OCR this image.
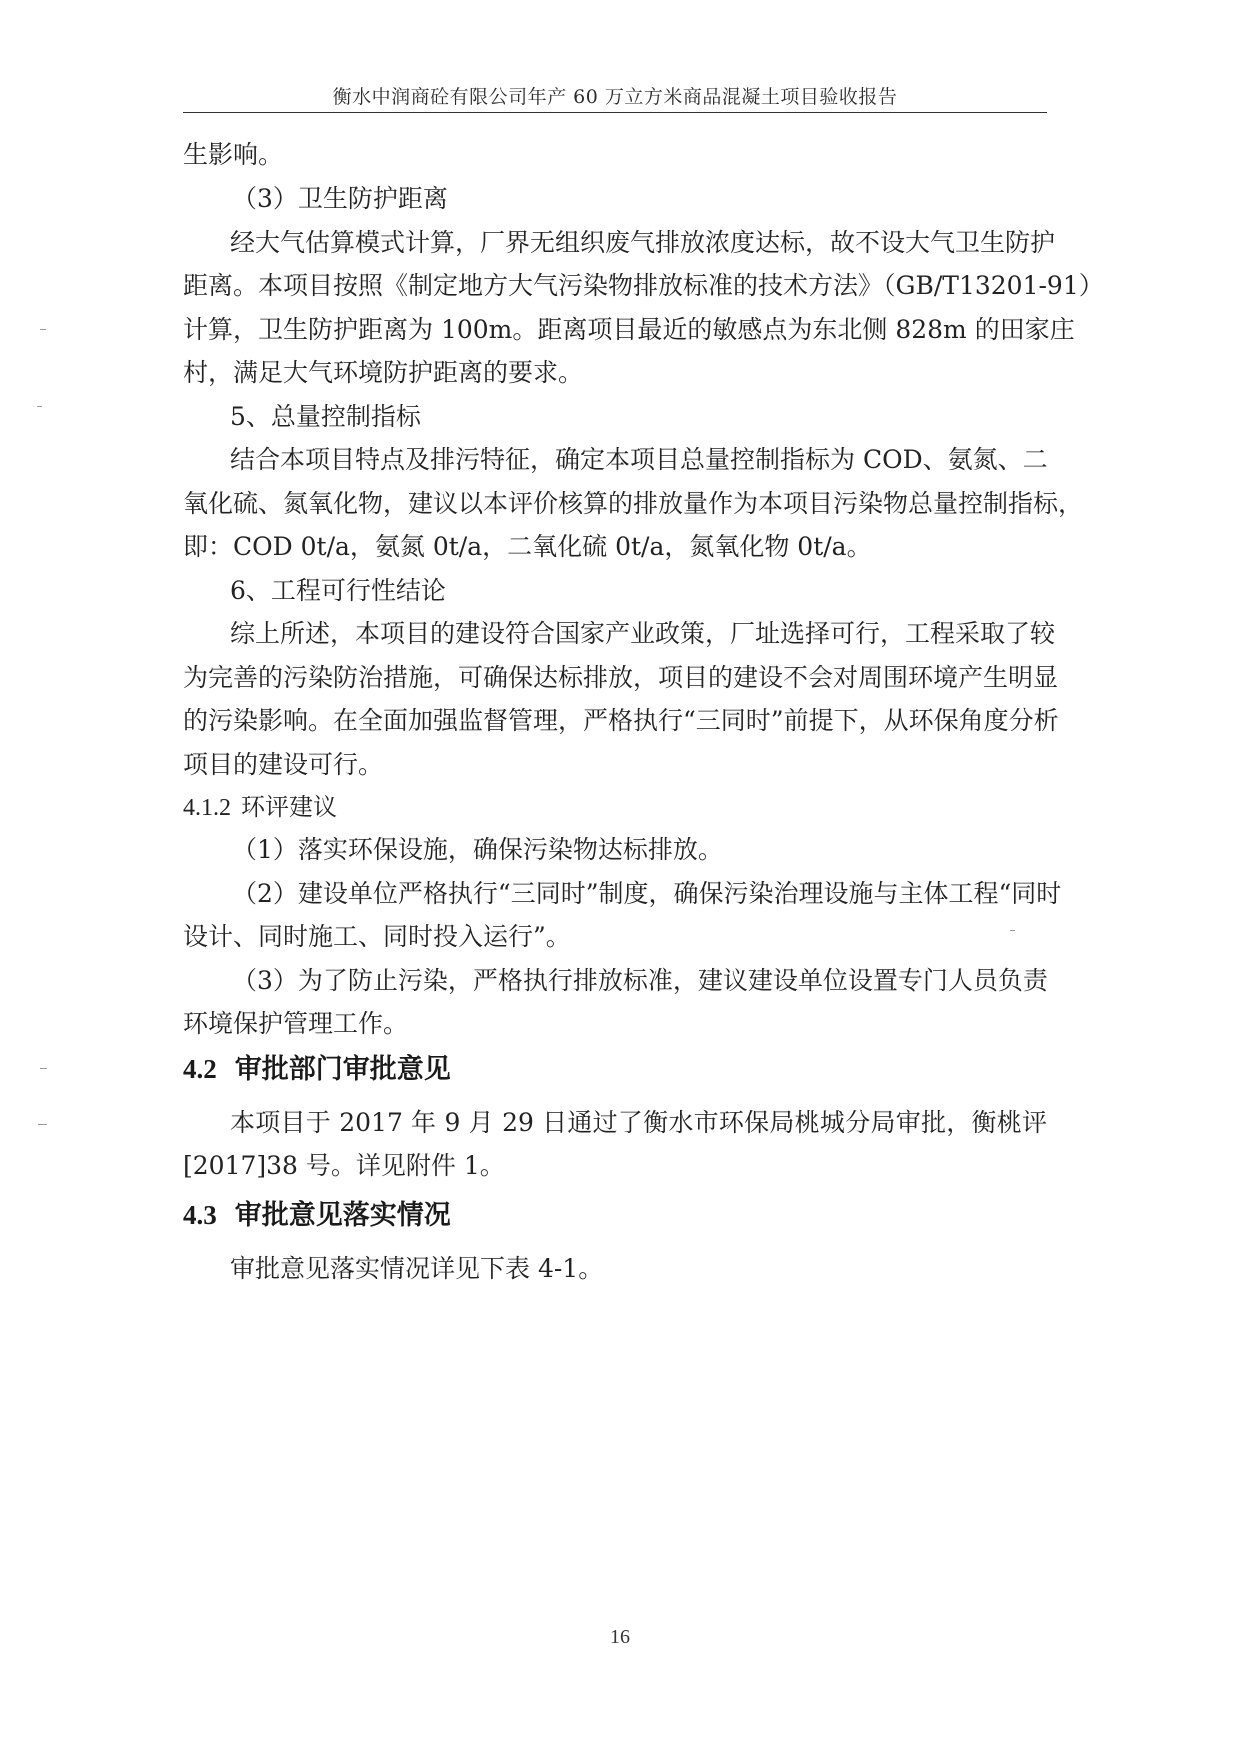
衡水中润商砼有限公司年产 60 万立方米商品混凝土项目验收报告
生影响。
（3）卫生防护距离
经大气估算模式计算，厂界无组织废气排放浓度达标，故不设大气卫生防护
距离。本项目按照《制定地方大气污染物排放标准的技术方法》（GB/T13201-91）
计算，卫生防护距离为 100m。距离项目最近的敏感点为东北侧 828m 的田家庄
村，满足大气环境防护距离的要求。
5、总量控制指标
结合本项目特点及排污特征，确定本项目总量控制指标为 COD、氨氮、二
氧化硫、氮氧化物，建议以本评价核算的排放量作为本项目污染物总量控制指标，
即：COD 0t/a，氨氮 0t/a，二氧化硫 0t/a，氮氧化物 0t/a。
6、工程可行性结论
综上所述，本项目的建设符合国家产业政策，厂址选择可行，工程采取了较
为完善的污染防治措施，可确保达标排放，项目的建设不会对周围环境产生明显
的污染影响。在全面加强监督管理，严格执行“三同时”前提下，从环保角度分析
项目的建设可行。
4.1.2 环评建议
（1）落实环保设施，确保污染物达标排放。
（2）建设单位严格执行“三同时”制度，确保污染治理设施与主体工程“同时
设计、同时施工、同时投入运行”。
（3）为了防止污染，严格执行排放标准，建议建设单位设置专门人员负责
环境保护管理工作。
4.2 审批部门审批意见
本项目于 2017 年 9 月 29 日通过了衡水市环保局桃城分局审批，衡桃评
[2017]38 号。详见附件 1。
4.3 审批意见落实情况
审批意见落实情况详见下表 4-1。
16
